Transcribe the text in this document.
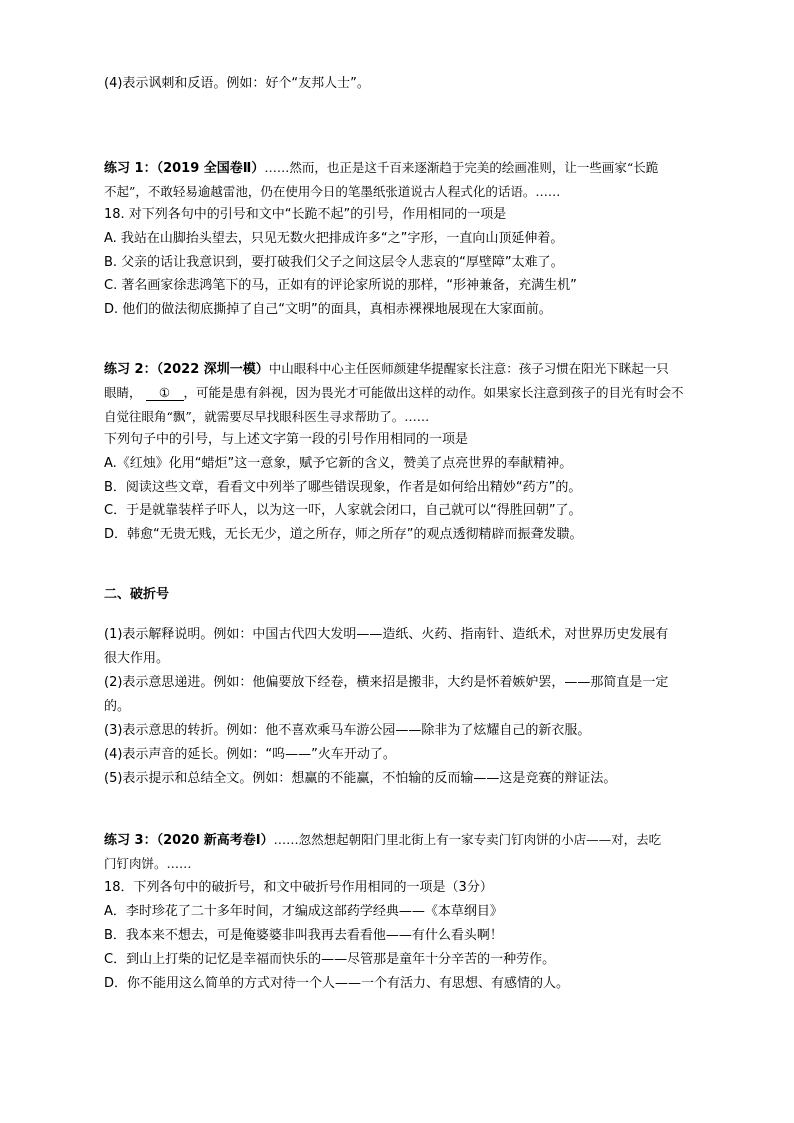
(4)表示讽刺和反语。例如：好个“友邦人士”。
练习 1：（2019 全国卷Ⅱ）……然而，也正是这千百来逐渐趋于完美的绘画准则，让一些画家“长跪
不起”，不敢轻易逾越雷池，仍在使用今日的笔墨纸张道说古人程式化的话语。……
18. 对下列各句中的引号和文中“长跪不起”的引号，作用相同的一项是
A. 我站在山脚抬头望去，只见无数火把排成许多“之”字形，一直向山顶延伸着。
B. 父亲的话让我意识到，要打破我们父子之间这层令人悲哀的“厚壁障”太难了。
C. 著名画家徐悲鸿笔下的马，正如有的评论家所说的那样，“形神兼备，充满生机”
D. 他们的做法彻底撕掉了自己“文明”的面具，真相赤裸裸地展现在大家面前。
练习 2：（2022 深圳一模）中山眼科中心主任医师颜建华提醒家长注意：孩子习惯在阳光下眯起一只
眼睛， ① ，可能是患有斜视，因为畏光才可能做出这样的动作。如果家长注意到孩子的目光有时会不
自觉往眼角“飘”，就需要尽早找眼科医生寻求帮助了。……
下列句子中的引号，与上述文字第一段的引号作用相同的一项是
A.《红烛》化用“蜡炬”这一意象，赋予它新的含义，赞美了点亮世界的奉献精神。
B．阅读这些文章，看看文中列举了哪些错误现象，作者是如何给出精妙“药方”的。
C．于是就靠装样子吓人，以为这一吓，人家就会闭口，自己就可以“得胜回朝”了。
D．韩愈“无贵无贱，无长无少，道之所存，师之所存”的观点透彻精辟而振聋发聩。
二、破折号
(1)表示解释说明。例如：中国古代四大发明——造纸、火药、指南针、造纸术，对世界历史发展有
很大作用。
(2)表示意思递进。例如：他偏要放下经卷，横来招是搬非，大约是怀着嫉妒罢，——那简直是一定
的。
(3)表示意思的转折。例如：他不喜欢乘马车游公园——除非为了炫耀自己的新衣服。
(4)表示声音的延长。例如：“呜——”火车开动了。
(5)表示提示和总结全文。例如：想赢的不能赢，不怕输的反而输——这是竞赛的辩证法。
练习 3：（2020 新高考卷Ⅰ）……忽然想起朝阳门里北街上有一家专卖门钉肉饼的小店——对，去吃
门钉肉饼。……
18．下列各句中的破折号，和文中破折号作用相同的一项是（3分）
A．李时珍花了二十多年时间，才编成这部药学经典——《本草纲目》
B．我本来不想去，可是俺婆婆非叫我再去看看他——有什么看头啊！
C．到山上打柴的记忆是幸福而快乐的——尽管那是童年十分辛苦的一种劳作。
D．你不能用这么简单的方式对待一个人——一个有活力、有思想、有感情的人。
